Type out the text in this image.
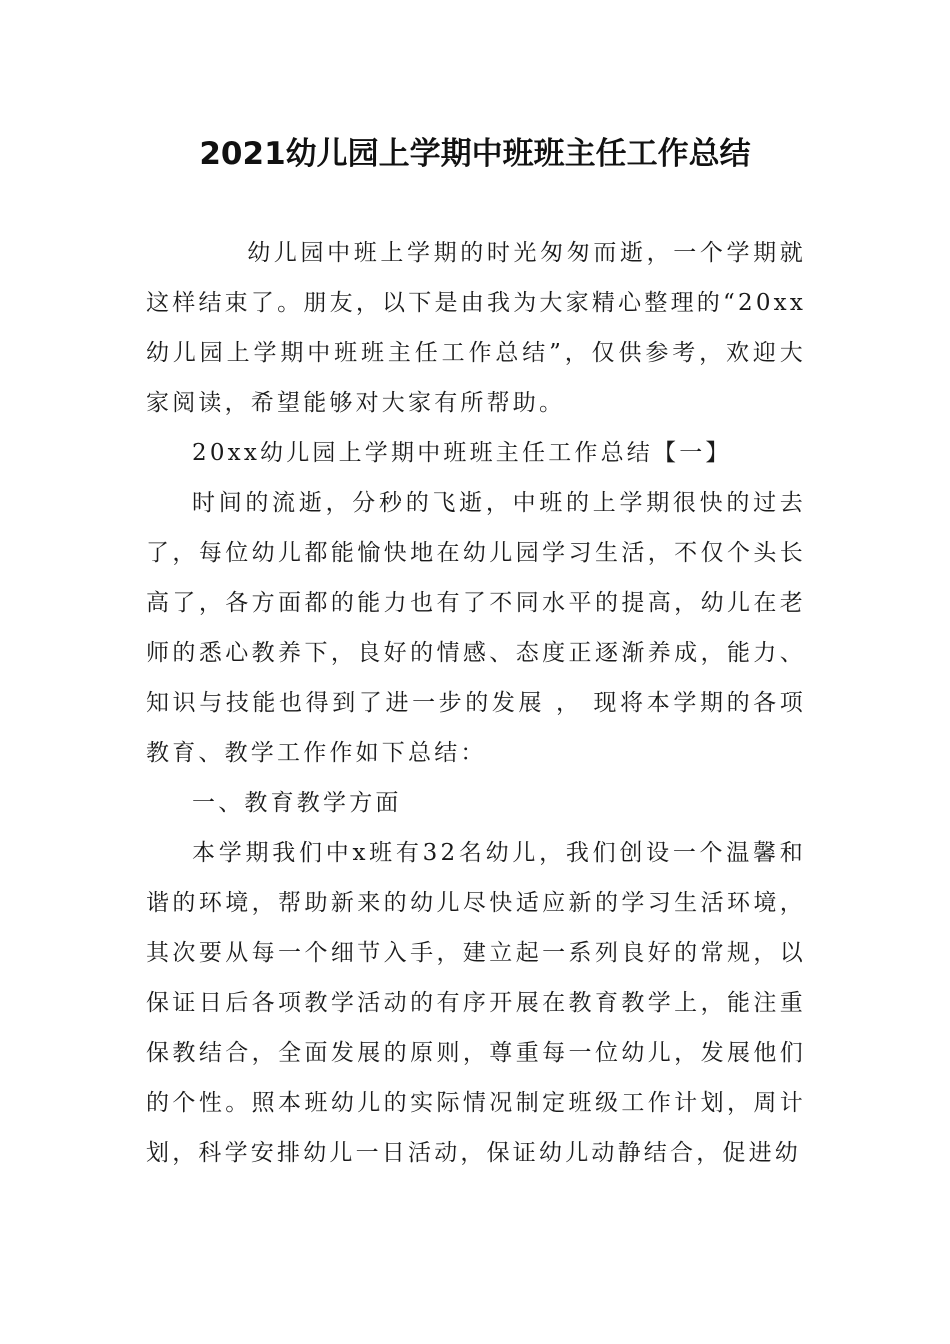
2021幼儿园上学期中班班主任工作总结

幼儿园中班上学期的时光匆匆而逝，一个学期就这样结束了。朋友，以下是由我为大家精心整理的“20xx幼儿园上学期中班班主任工作总结”，仅供参考，欢迎大家阅读，希望能够对大家有所帮助。

20xx幼儿园上学期中班班主任工作总结【一】

时间的流逝，分秒的飞逝，中班的上学期很快的过去了，每位幼儿都能愉快地在幼儿园学习生活，不仅个头长高了，各方面都的能力也有了不同水平的提高，幼儿在老师的悉心教养下，良好的情感、态度正逐渐养成，能力、知识与技能也得到了进一步的发展 ， 现将本学期的各项教育、教学工作作如下总结：

一、教育教学方面

本学期我们中x班有32名幼儿，我们创设一个温馨和谐的环境，帮助新来的幼儿尽快适应新的学习生活环境，其次要从每一个细节入手，建立起一系列良好的常规，以保证日后各项教学活动的有序开展在教育教学上，能注重保教结合，全面发展的原则，尊重每一位幼儿，发展他们的个性。照本班幼儿的实际情况制定班级工作计划，周计划，科学安排幼儿一日活动，保证幼儿动静结合，促进幼
